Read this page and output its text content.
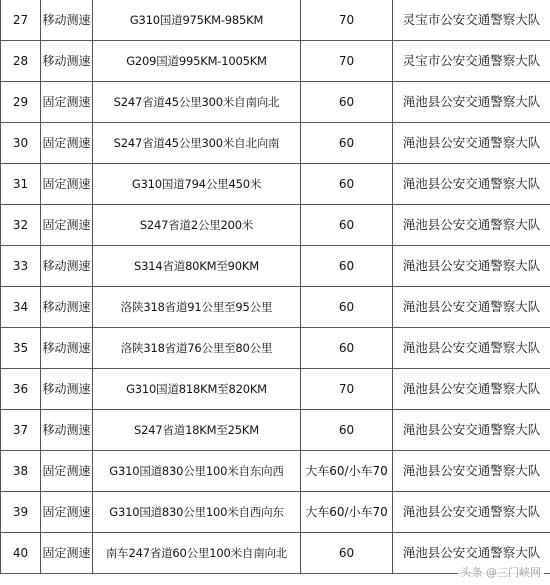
27	移动测速	G310国道975KM-985KM	70	灵宝市公安交通警察大队
28	移动测速	G209国道995KM-1005KM	70	灵宝市公安交通警察大队
29	固定测速	S247省道45公里300米自南向北	60	渑池县公安交通警察大队
30	固定测速	S247省道45公里300米自北向南	60	渑池县公安交通警察大队
31	固定测速	G310国道794公里450米	60	渑池县公安交通警察大队
32	固定测速	S247省道2公里200米	60	渑池县公安交通警察大队
33	移动测速	S314省道80KM至90KM	60	渑池县公安交通警察大队
34	移动测速	洛陕318省道91公里至95公里	60	渑池县公安交通警察大队
35	移动测速	洛陕318省道76公里至80公里	60	渑池县公安交通警察大队
36	移动测速	G310国道818KM至820KM	70	渑池县公安交通警察大队
37	移动测速	S247省道18KM至25KM	60	渑池县公安交通警察大队
38	固定测速	G310国道830公里100米自东向西	大车60/小车70	渑池县公安交通警察大队
39	固定测速	G310国道830公里100米自西向东	大车60/小车70	渑池县公安交通警察大队
40	固定测速	南车247省道60公里100米自南向北	60	渑池县公安交通警察大队
头条 @三门峡网
